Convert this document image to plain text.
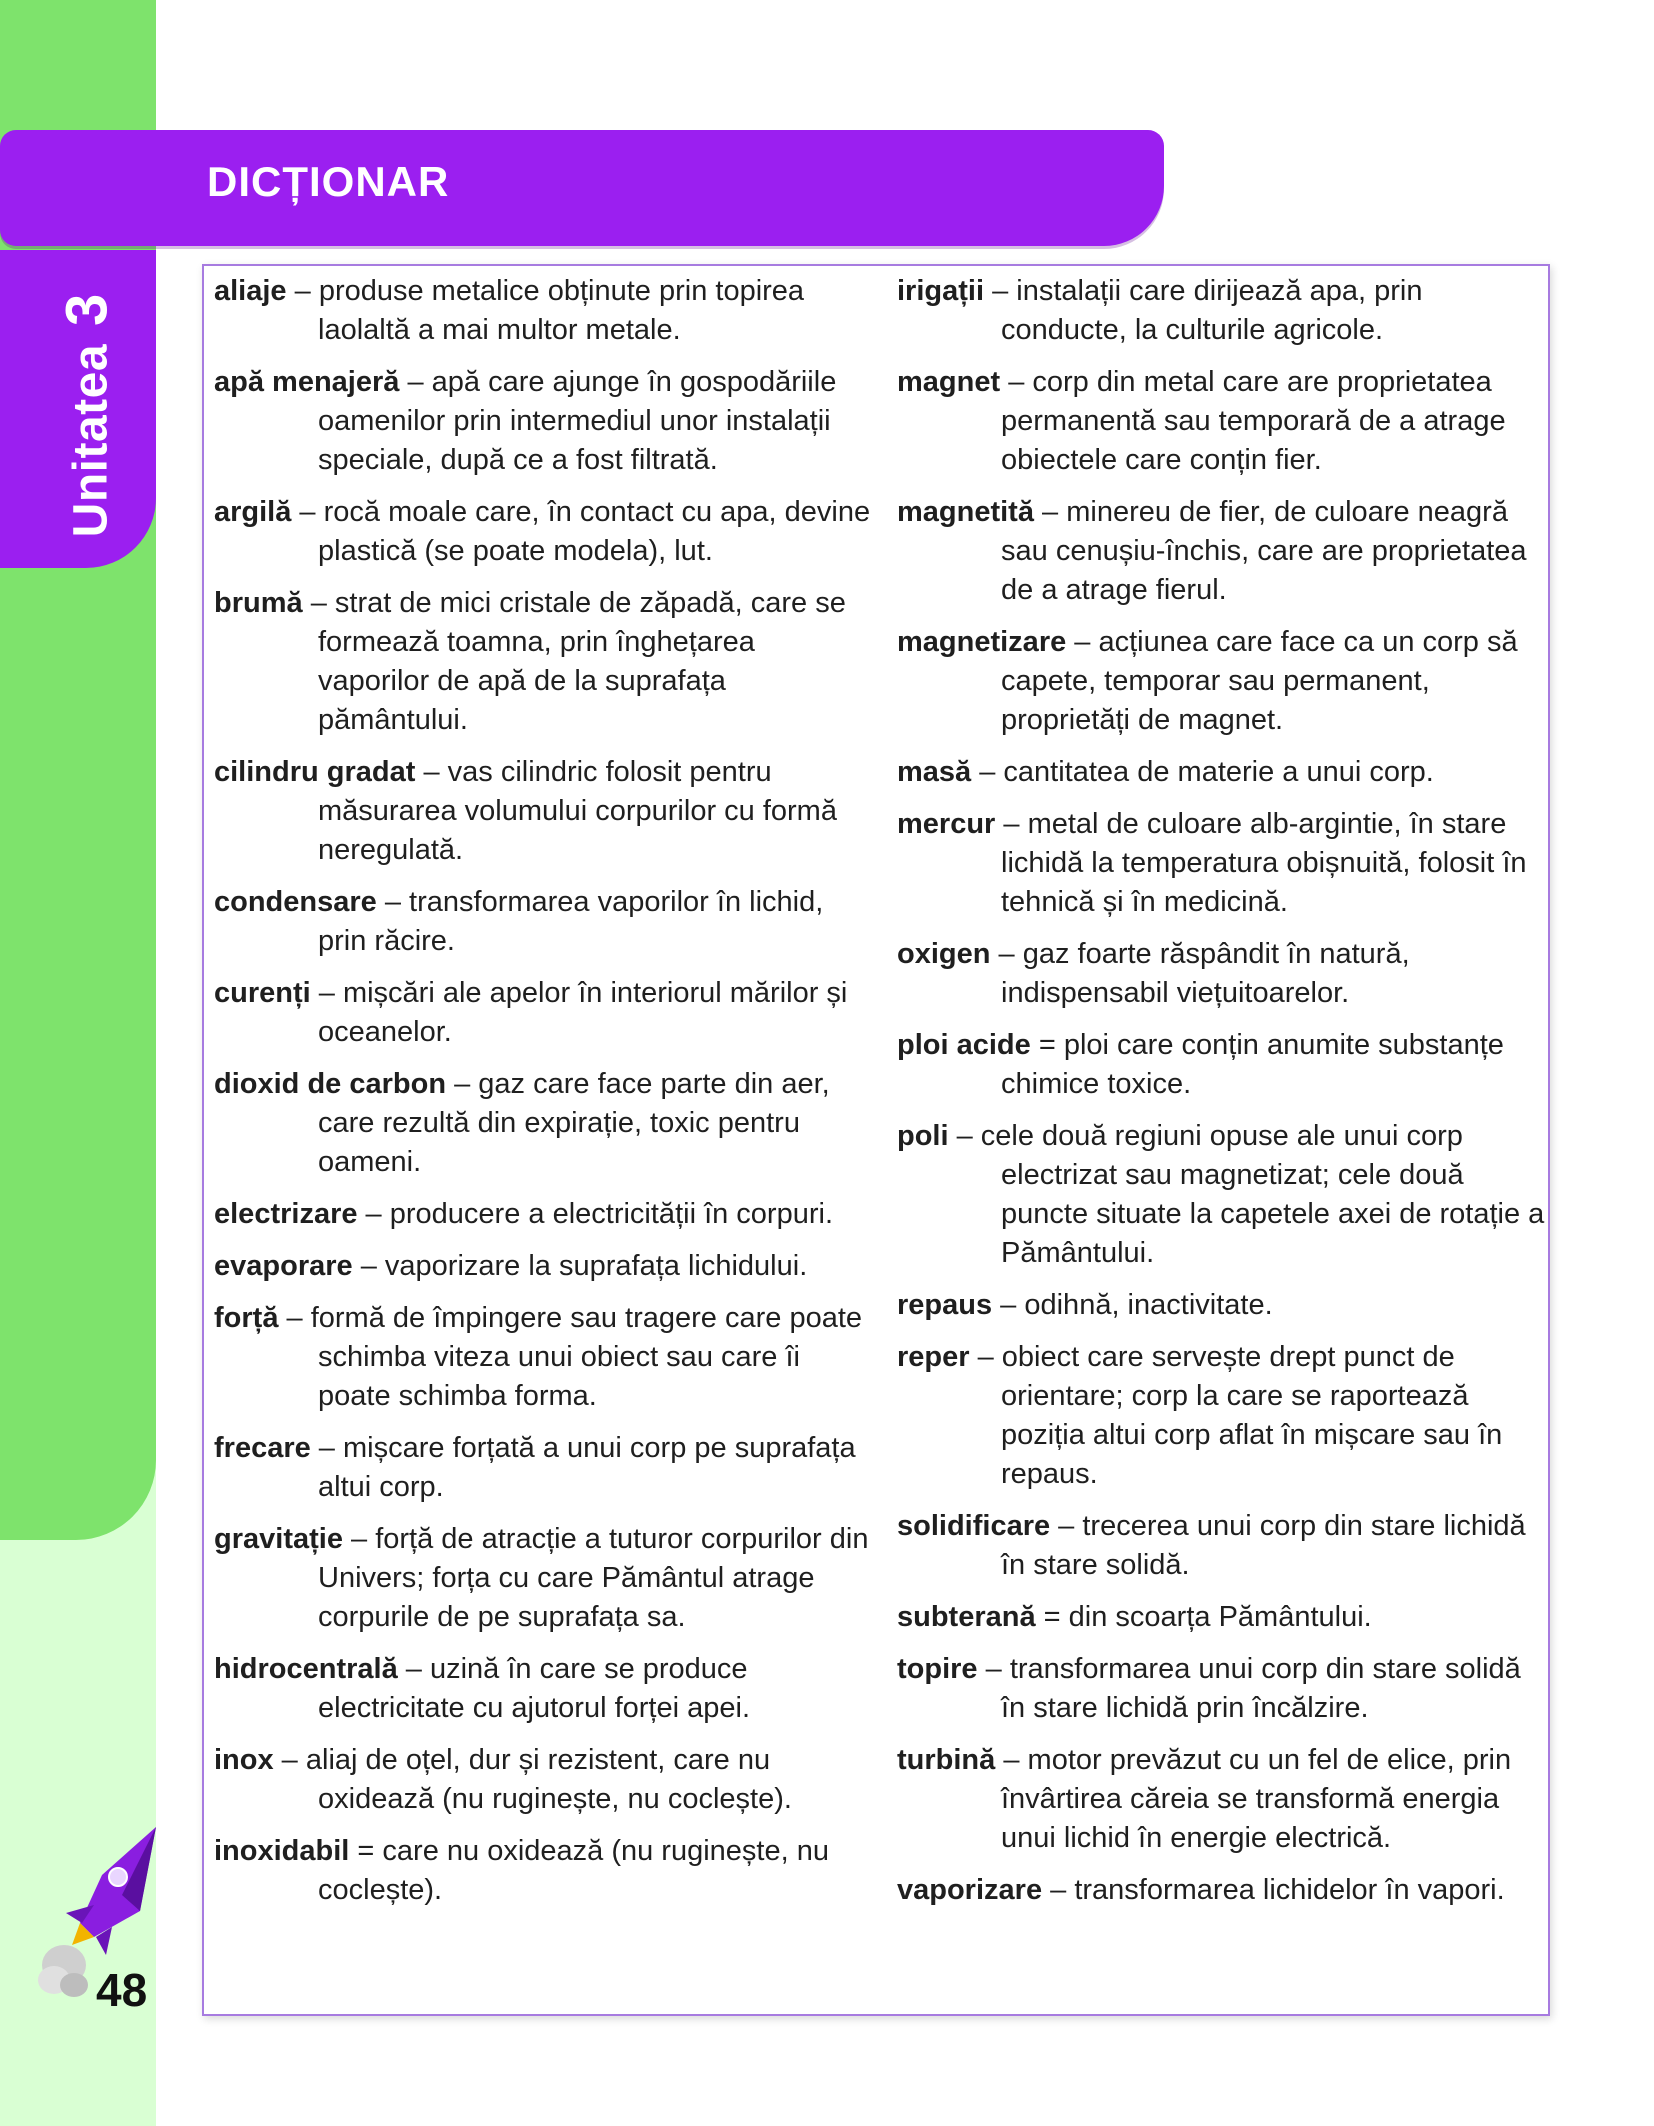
Unitatea3
DICȚIONAR

aliaje – produse metalice obținute prin topirea laolaltă a mai multor metale.

apă menajeră – apă care ajunge în gospodăriile oamenilor prin intermediul unor instalații speciale, după ce a fost filtrată.

argilă – rocă moale care, în contact cu apa, devine plastică (se poate modela), lut.

brumă – strat de mici cristale de zăpadă, care se formează toamna, prin înghețarea vaporilor de apă de la suprafața pământului.

cilindru gradat – vas cilindric folosit pentru măsurarea volumului corpurilor cu formă neregulată.

condensare – transformarea vaporilor în lichid, prin răcire.

curenți – mișcări ale apelor în interiorul mărilor și oceanelor.

dioxid de carbon – gaz care face parte din aer, care rezultă din expirație, toxic pentru oameni.

electrizare – producere a electricității în corpuri.

evaporare – vaporizare la suprafața lichidului.

forță – formă de împingere sau tragere care poate schimba viteza unui obiect sau care îi poate schimba forma.

frecare – mișcare forțată a unui corp pe suprafața altui corp.

gravitație – forță de atracție a tuturor corpurilor din Univers; forța cu care Pământul atrage corpurile de pe suprafața sa.

hidrocentrală – uzină în care se produce electricitate cu ajutorul forței apei.

inox – aliaj de oțel, dur și rezistent, care nu oxidează (nu ruginește, nu coclește).

inoxidabil = care nu oxidează (nu ruginește, nu coclește).

irigații – instalații care dirijează apa, prin conducte, la culturile agricole.

magnet – corp din metal care are proprietatea permanentă sau temporară de a atrage obiectele care conțin fier.

magnetită – minereu de fier, de culoare neagră sau cenușiu-închis, care are proprietatea de a atrage fierul.

magnetizare – acțiunea care face ca un corp să capete, temporar sau permanent, proprietăți de magnet.

masă – cantitatea de materie a unui corp.

mercur – metal de culoare alb-argintie, în stare lichidă la temperatura obișnuită, folosit în tehnică și în medicină.

oxigen – gaz foarte răspândit în natură, indispensabil viețuitoarelor.

ploi acide = ploi care conțin anumite substanțe chimice toxice.

poli – cele două regiuni opuse ale unui corp electrizat sau magnetizat; cele două puncte situate la capetele axei de rotație a Pământului.

repaus – odihnă, inactivitate.

reper – obiect care servește drept punct de orientare; corp la care se raportează poziția altui corp aflat în mișcare sau în repaus.

solidificare – trecerea unui corp din stare lichidă în stare solidă.

subterană = din scoarța Pământului.

topire – transformarea unui corp din stare solidă în stare lichidă prin încălzire.

turbină – motor prevăzut cu un fel de elice, prin învârtirea căreia se transformă energia unui lichid în energie electrică.

vaporizare – transformarea lichidelor în vapori.

48
